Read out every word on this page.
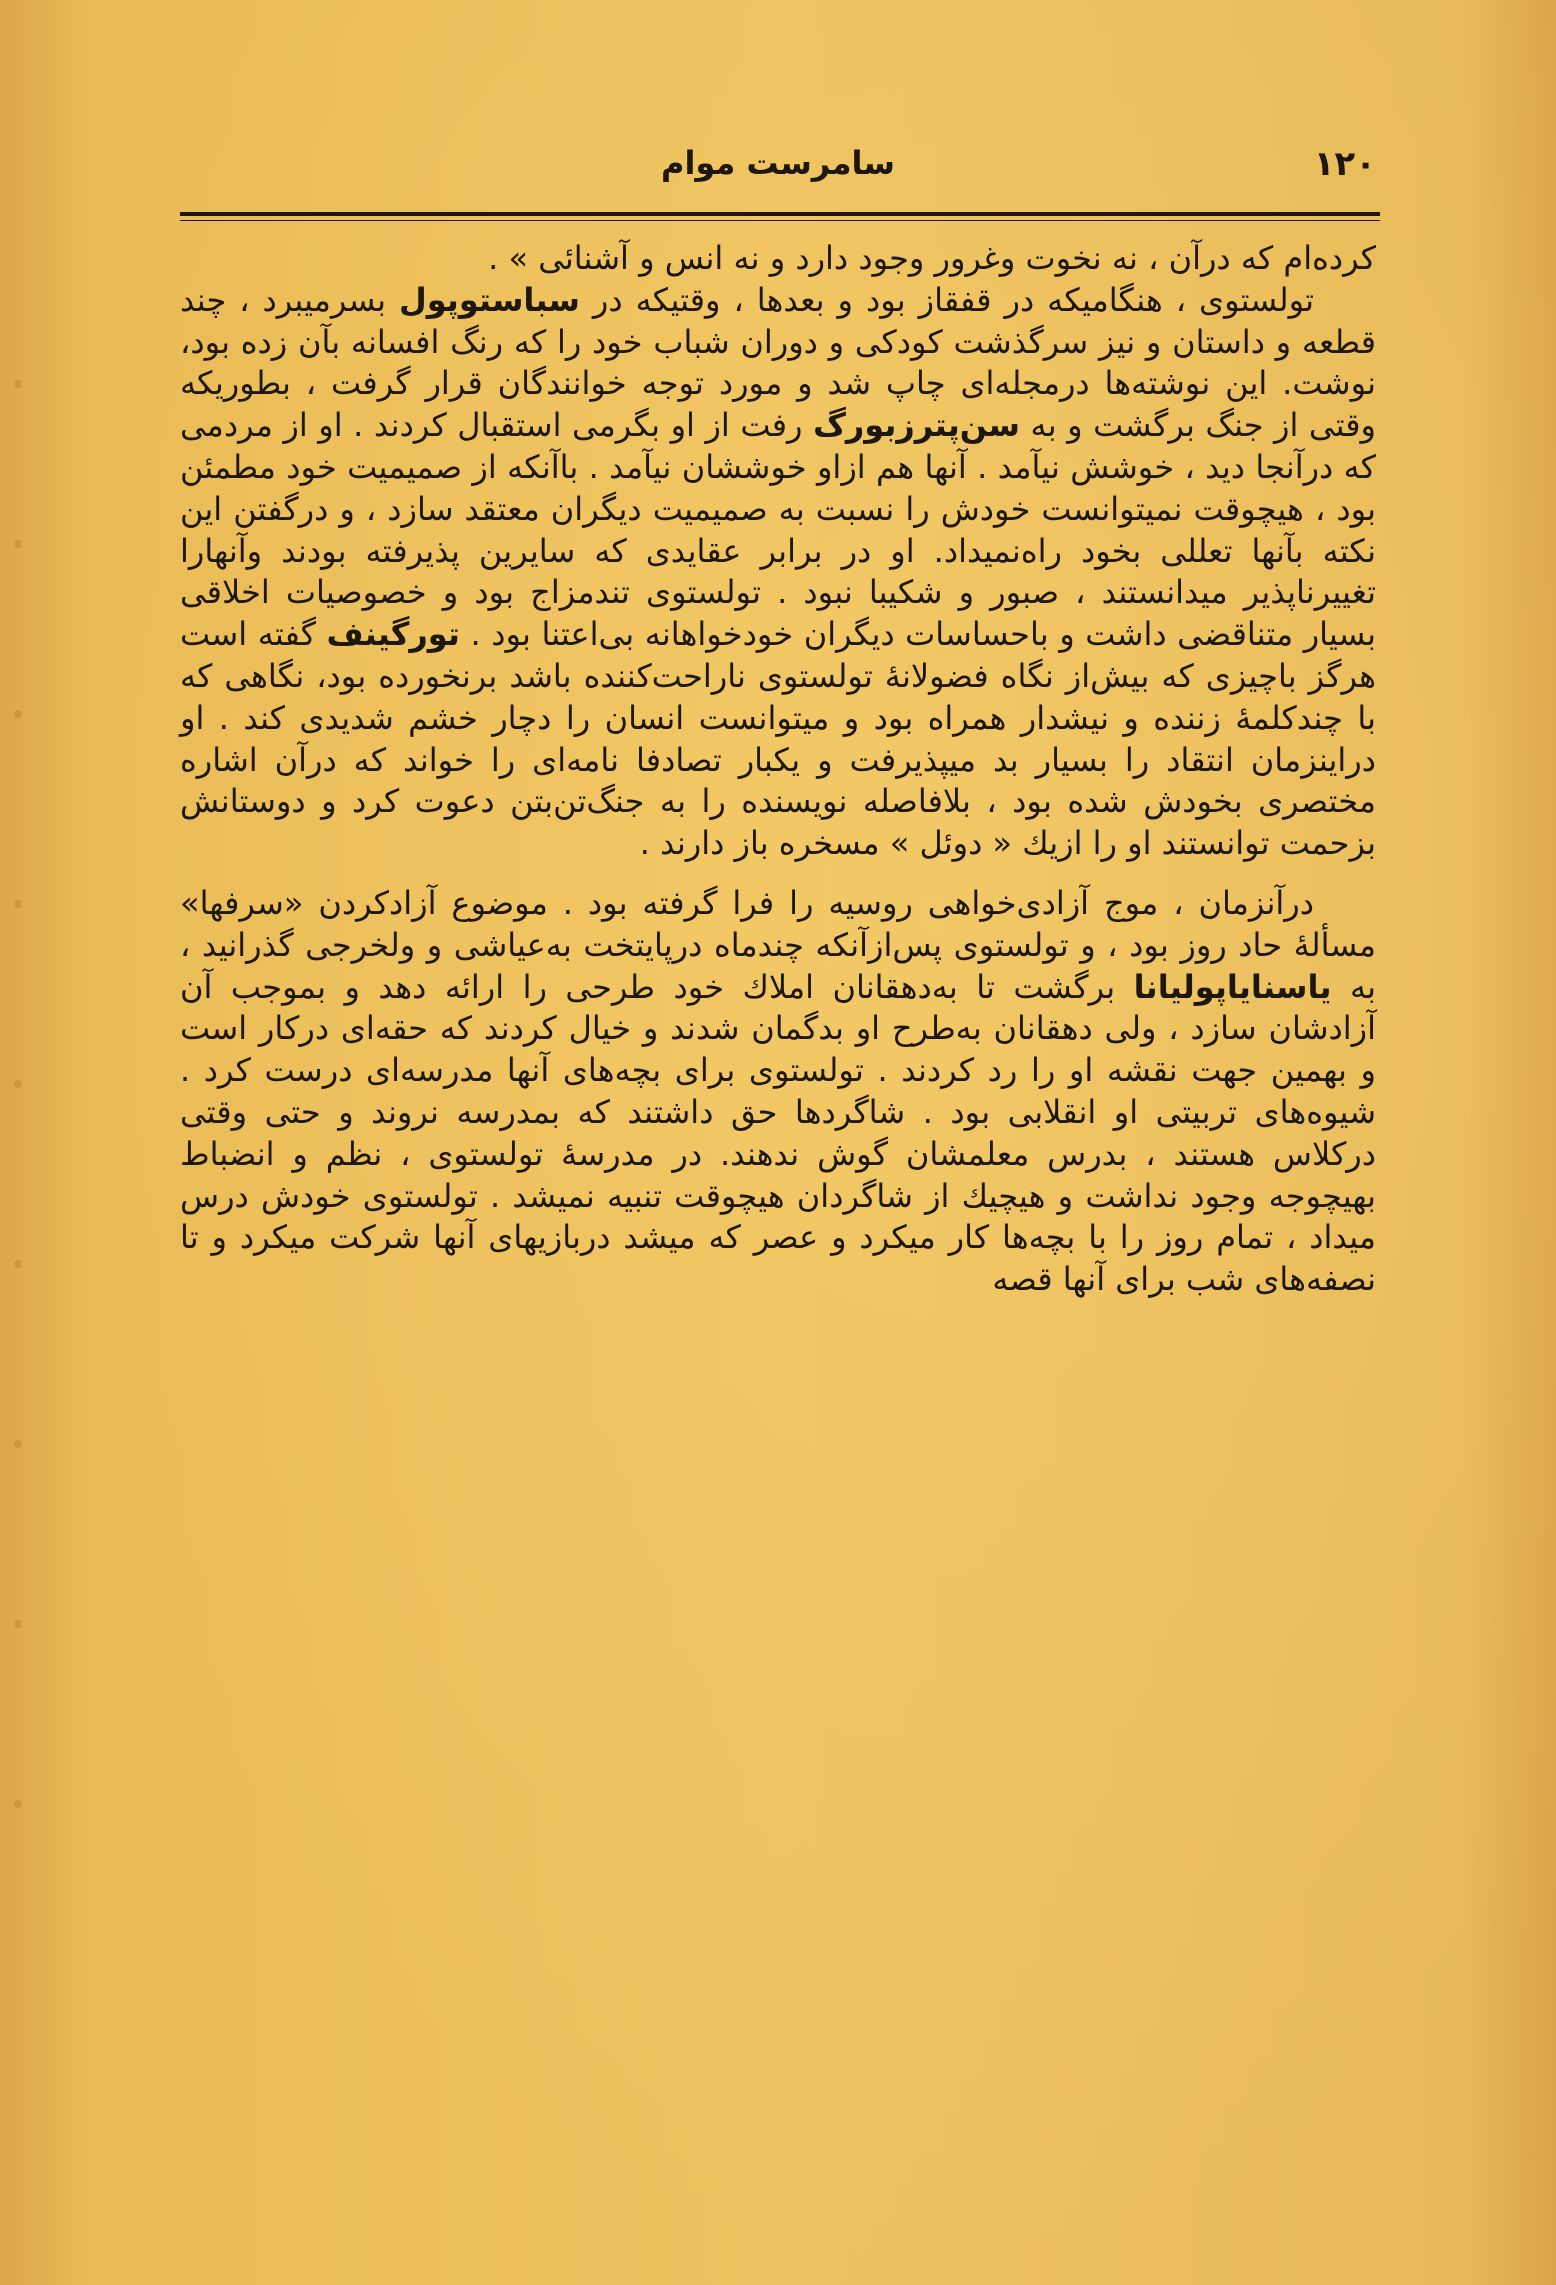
۱۲۰
سامرست موام

کرده‌ام که درآن ، نه نخوت وغرور وجود دارد و نه انس و آشنائی » .

تولستوی ، هنگامیکه در قفقاز بود و بعدها ، وقتیکه در سباستوپول بسرمیبرد ، چند قطعه و داستان و نیز سرگذشت کودکی و دوران شباب خود را که رنگ افسانه بآن زده بود، نوشت. این نوشته‌ها درمجله‌ای چاپ شد و مورد توجه خوانندگان قرار گرفت ، بطوریکه وقتی از جنگ برگشت و به سن‌پترزبورگ رفت از او بگرمی استقبال کردند . او از مردمی که درآنجا دید ، خوشش نیآمد . آنها هم ازاو خوششان نیآمد . باآنکه از صمیمیت خود مطمئن بود ، هیچوقت نمیتوانست خودش را نسبت به صمیمیت دیگران معتقد سازد ، و درگفتن این نکته بآنها تعللی بخود راه‌نمیداد. او در برابر عقایدی که سایرین پذیرفته بودند وآنهارا تغییرناپذیر میدانستند ، صبور و شکیبا نبود . تولستوی تندمزاج بود و خصوصیات اخلاقی بسیار متناقضی داشت و باحساسات دیگران خودخواهانه بی‌اعتنا بود . تورگینف گفته است هرگز باچیزی که بیش‌از نگاه فضولانهٔ تولستوی ناراحت‌کننده باشد برنخورده بود، نگاهی که با چندکلمهٔ زننده و نیشدار همراه بود و میتوانست انسان را دچار خشم شدیدی کند . او دراینزمان انتقاد را بسیار بد میپذیرفت و یکبار تصادفا نامه‌ای را خواند که درآن اشاره مختصری بخودش شده بود ، بلافاصله نویسنده را به جنگ‌تن‌بتن دعوت کرد و دوستانش بزحمت توانستند او را ازیك « دوئل » مسخره باز دارند .

درآنزمان ، موج آزادی‌خواهی روسیه را فرا گرفته بود . موضوع آزادکردن «سرفها» مسألهٔ حاد روز بود ، و تولستوی پس‌ازآنکه چندماه درپایتخت به‌عیاشی و ولخرجی گذرانید ، به یاسناياپوليانا برگشت تا به‌دهقانان املاك خود طرحی را ارائه دهد و بموجب آن آزادشان سازد ، ولی دهقانان به‌طرح او بدگمان شدند و خیال کردند که حقه‌ای درکار است و بهمین جهت نقشه او را رد کردند . تولستوی برای بچه‌های آنها مدرسه‌ای درست کرد . شیوه‌های تربیتی او انقلابی بود . شاگردها حق داشتند که بمدرسه نروند و حتی وقتی درکلاس هستند ، بدرس معلمشان گوش ندهند. در مدرسهٔ تولستوی ، نظم و انضباط بهیچوجه وجود نداشت و هیچیك از شاگردان هیچوقت تنبیه نمیشد . تولستوی خودش درس میداد ، تمام روز را با بچه‌ها کار میکرد و عصر که میشد دربازیهای آنها شرکت میکرد و تا نصفه‌های شب برای آنها قصه
